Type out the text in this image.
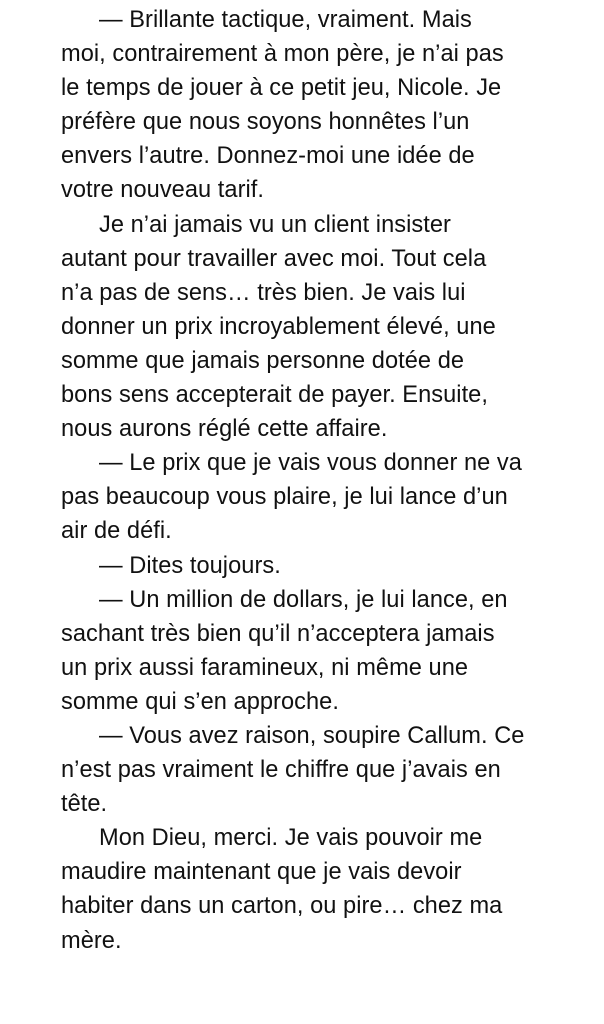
— Brillante tactique, vraiment. Mais
moi, contrairement à mon père, je n’ai pas
le temps de jouer à ce petit jeu, Nicole. Je
préfère que nous soyons honnêtes l’un
envers l’autre. Donnez-moi une idée de
votre nouveau tarif.

Je n’ai jamais vu un client insister
autant pour travailler avec moi. Tout cela
n’a pas de sens… très bien. Je vais lui
donner un prix incroyablement élevé, une
somme que jamais personne dotée de
bons sens accepterait de payer. Ensuite,
nous aurons réglé cette affaire.

— Le prix que je vais vous donner ne va
pas beaucoup vous plaire, je lui lance d’un
air de défi.

— Dites toujours.

— Un million de dollars, je lui lance, en
sachant très bien qu’il n’acceptera jamais
un prix aussi faramineux, ni même une
somme qui s’en approche.

— Vous avez raison, soupire Callum. Ce
n’est pas vraiment le chiffre que j’avais en
tête.

Mon Dieu, merci. Je vais pouvoir me
maudire maintenant que je vais devoir
habiter dans un carton, ou pire… chez ma
mère.
